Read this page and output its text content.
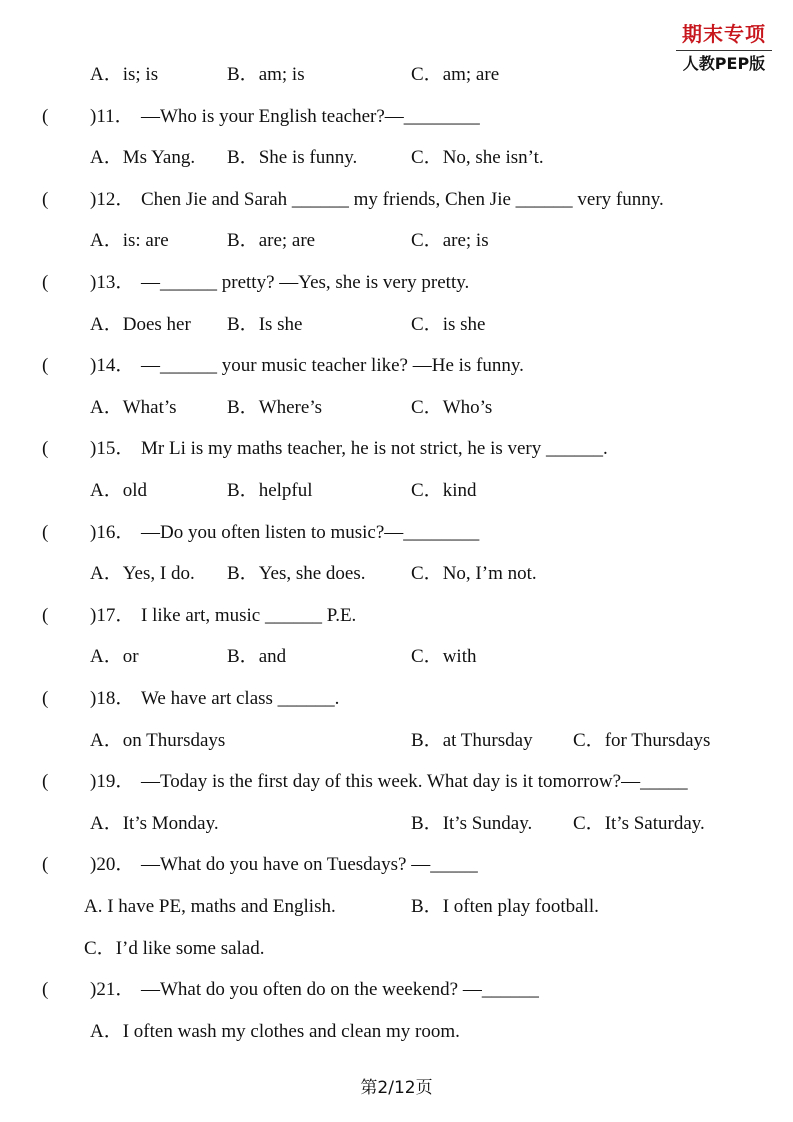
期末专项
人教PEP版
A．is; is	B．am; is	C．am; are
( )11． —Who is your English teacher?—________
A．Ms Yang. B．She is funny.	C．No, she isn’t.
( )12． Chen Jie and Sarah ______ my friends, Chen Jie ______ very funny.
A．is: are	B．are; are	C．are; is
( )13． —______ pretty? —Yes, she is very pretty.
A．Does her B．Is she	C．is she
( )14． —______ your music teacher like? —He is funny.
A．What’s	B．Where’s	C．Who’s
( )15． Mr Li is my maths teacher, he is not strict, he is very ______.
A．old	B．helpful	C．kind
( )16． —Do you often listen to music?—________
A．Yes, I do. B．Yes, she does. C．No, I’m not.
( )17． I like art, music ______ P.E.
A．or	B．and	C．with
( )18． We have art class ______.
A．on Thursdays	B．at Thursday C．for Thursdays
( )19． —Today is the first day of this week. What day is it tomorrow?—_____
A．It’s Monday.	B．It’s Sunday. C．It’s Saturday.
( )20． —What do you have on Tuesdays? —_____
A. I have PE, maths and English.	B．I often play football.
C．I’d like some salad.
( )21． —What do you often do on the weekend? —______
A．I often wash my clothes and clean my room.
第2/12页
